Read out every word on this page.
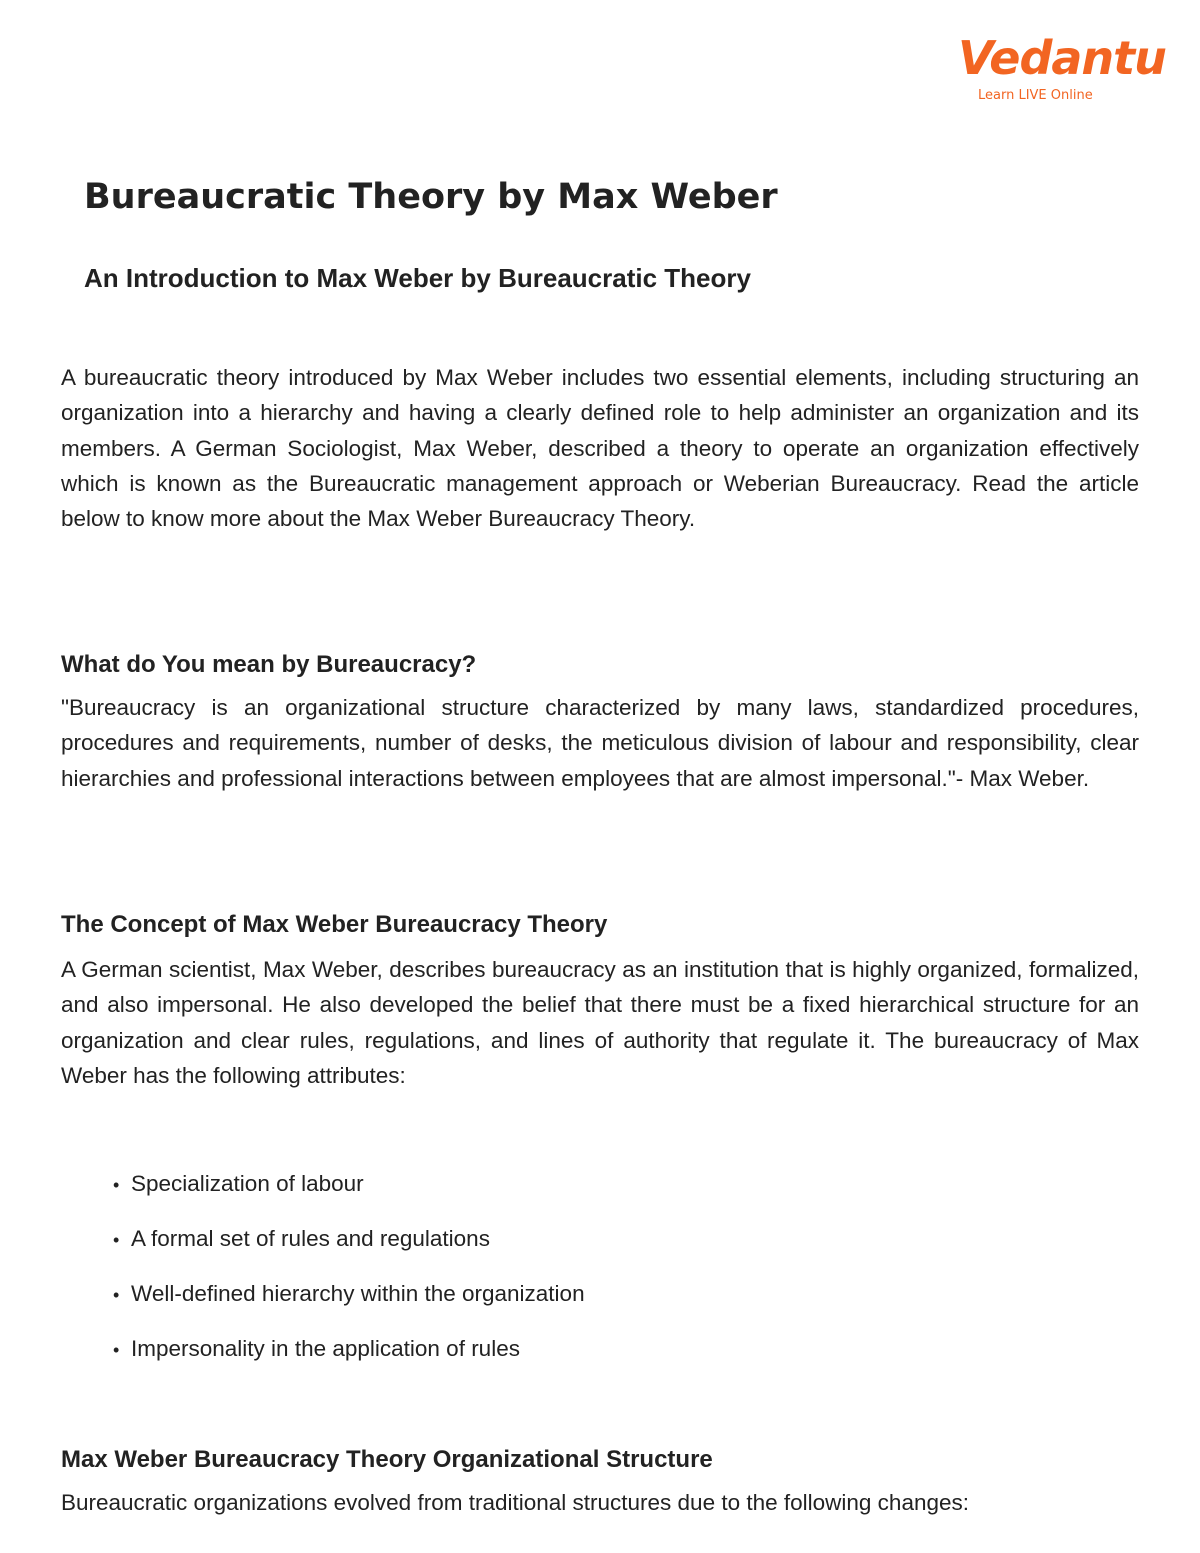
Vedantu
Learn LIVE Online
Bureaucratic Theory by Max Weber
An Introduction to Max Weber by Bureaucratic Theory

A bureaucratic theory introduced by Max Weber includes two essential elements, including structuring an organization into a hierarchy and having a clearly defined role to help administer an organization and its members. A German Sociologist, Max Weber, described a theory to operate an organization effectively which is known as the Bureaucratic management approach or Weberian Bureaucracy. Read the article below to know more about the Max Weber Bureaucracy Theory.

What do You mean by Bureaucracy?

"Bureaucracy is an organizational structure characterized by many laws, standardized procedures, procedures and requirements, number of desks, the meticulous division of labour and responsibility, clear hierarchies and professional interactions between employees that are almost impersonal."- Max Weber.

The Concept of Max Weber Bureaucracy Theory

A German scientist, Max Weber, describes bureaucracy as an institution that is highly organized, formalized, and also impersonal. He also developed the belief that there must be a fixed hierarchical structure for an organization and clear rules, regulations, and lines of authority that regulate it. The bureaucracy of Max Weber has the following attributes:

• Specialization of labour
• A formal set of rules and regulations
• Well-defined hierarchy within the organization
• Impersonality in the application of rules
Max Weber Bureaucracy Theory Organizational Structure

Bureaucratic organizations evolved from traditional structures due to the following changes:
